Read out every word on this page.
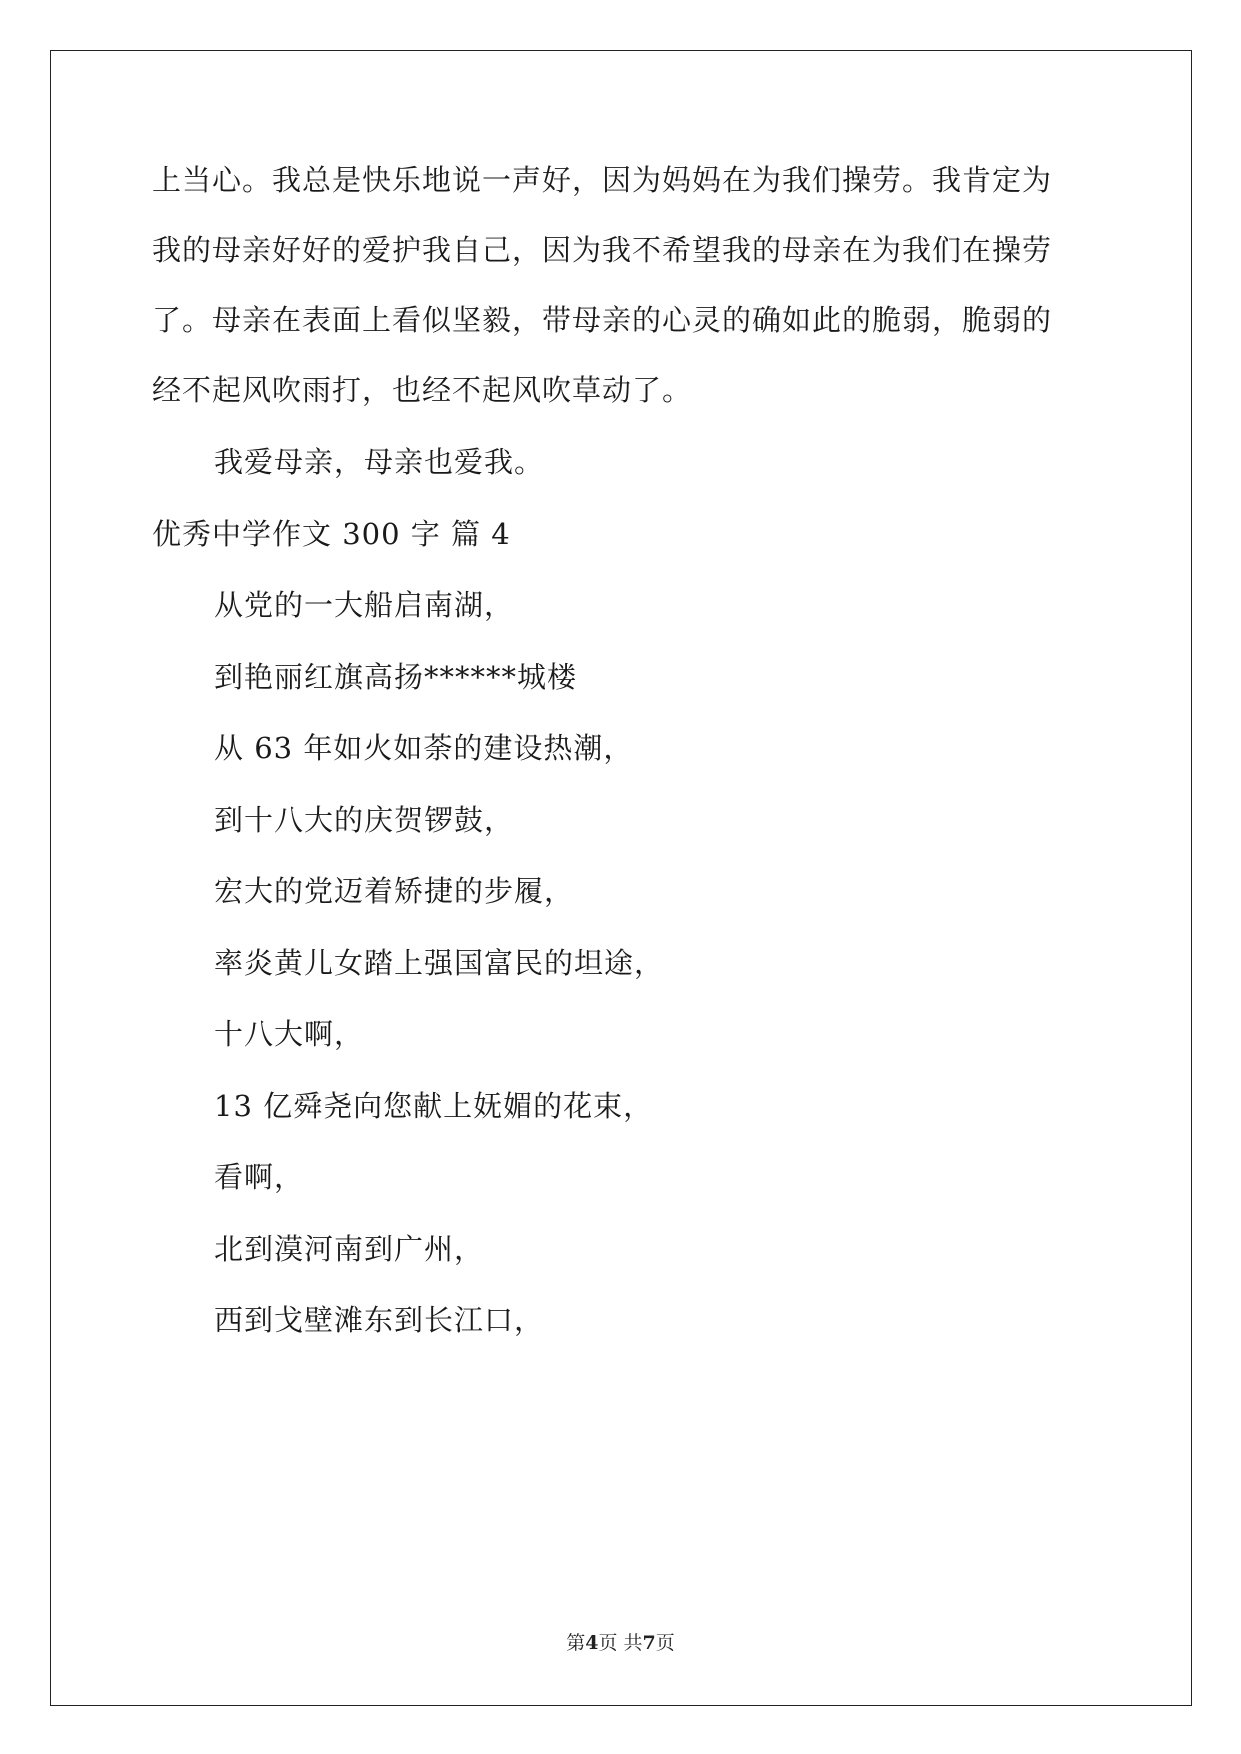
上当心。我总是快乐地说一声好，因为妈妈在为我们操劳。我肯定为
我的母亲好好的爱护我自己，因为我不希望我的母亲在为我们在操劳
了。母亲在表面上看似坚毅，带母亲的心灵的确如此的脆弱，脆弱的
经不起风吹雨打，也经不起风吹草动了。
我爱母亲，母亲也爱我。
优秀中学作文 300 字 篇 4
从党的一大船启南湖，
到艳丽红旗高扬******城楼
从 63 年如火如荼的建设热潮，
到十八大的庆贺锣鼓，
宏大的党迈着矫捷的步履，
率炎黄儿女踏上强国富民的坦途，
十八大啊，
13 亿舜尧向您献上妩媚的花束，
看啊，
北到漠河南到广州，
西到戈壁滩东到长江口，
第4页 共7页
